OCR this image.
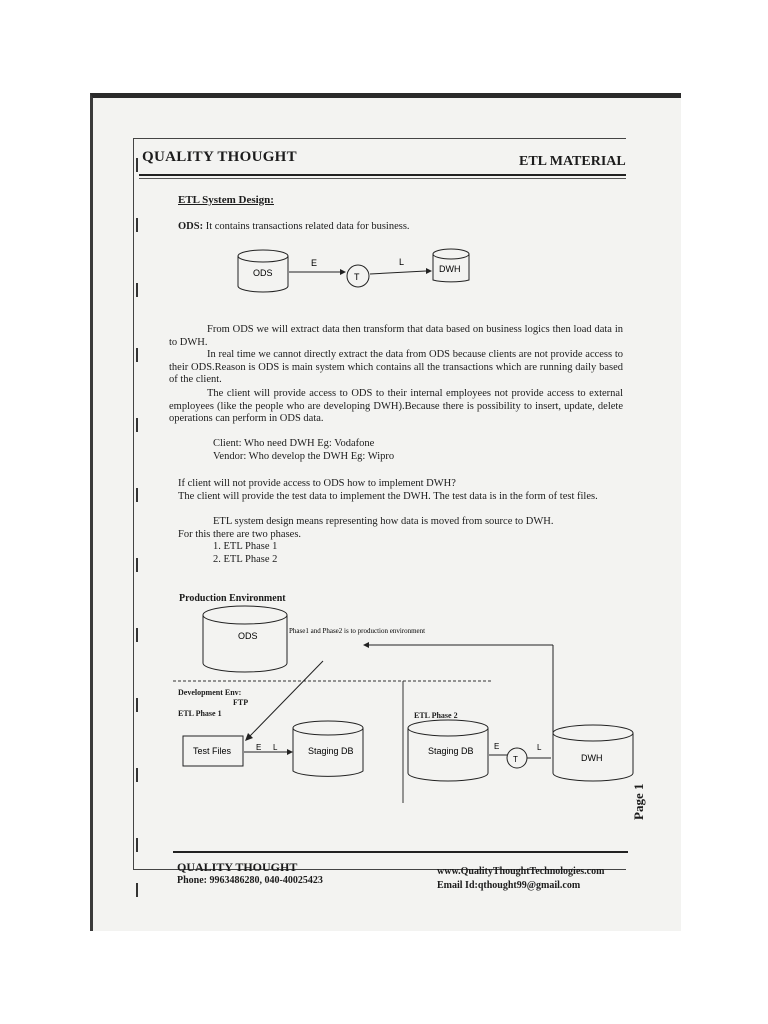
QUALITY THOUGHT	ETL MATERIAL
ETL System Design:
ODS: It contains transactions related data for business.
ODS
E
T
L
DWH
From ODS we will extract data then transform that data based on business logics then load data in to DWH.
In real time we cannot directly extract the data from ODS because clients are not provide access to their ODS.Reason is ODS is main system which contains all the transactions which are running daily based of the client.
The client will provide access to ODS to their internal employees not provide access to external employees (like the people who are developing DWH).Because there is possibility to insert, update, delete operations can perform in ODS data.
Client: Who need DWH Eg: Vodafone
Vendor: Who develop the DWH Eg: Wipro
If client will not provide access to ODS how to implement DWH?
The client will provide the test data to implement the DWH. The test data is in the form of test files.
ETL system design means representing how data is moved from source to DWH.
For this there are two phases.
1. ETL Phase 1
2. ETL Phase 2
Production Environment
ODS	Phase1 and Phase2 is to production environment
Test Files	E L	Staging DB	Staging DB	E
T
L
DWH
Development Env:
FTP
ETL Phase 1	ETL Phase 2
Page 1
QUALITY THOUGHT
Phone: 9963486280, 040-40025423
www.QualityThoughtTechnologies.com
Email Id:qthought99@gmail.com
